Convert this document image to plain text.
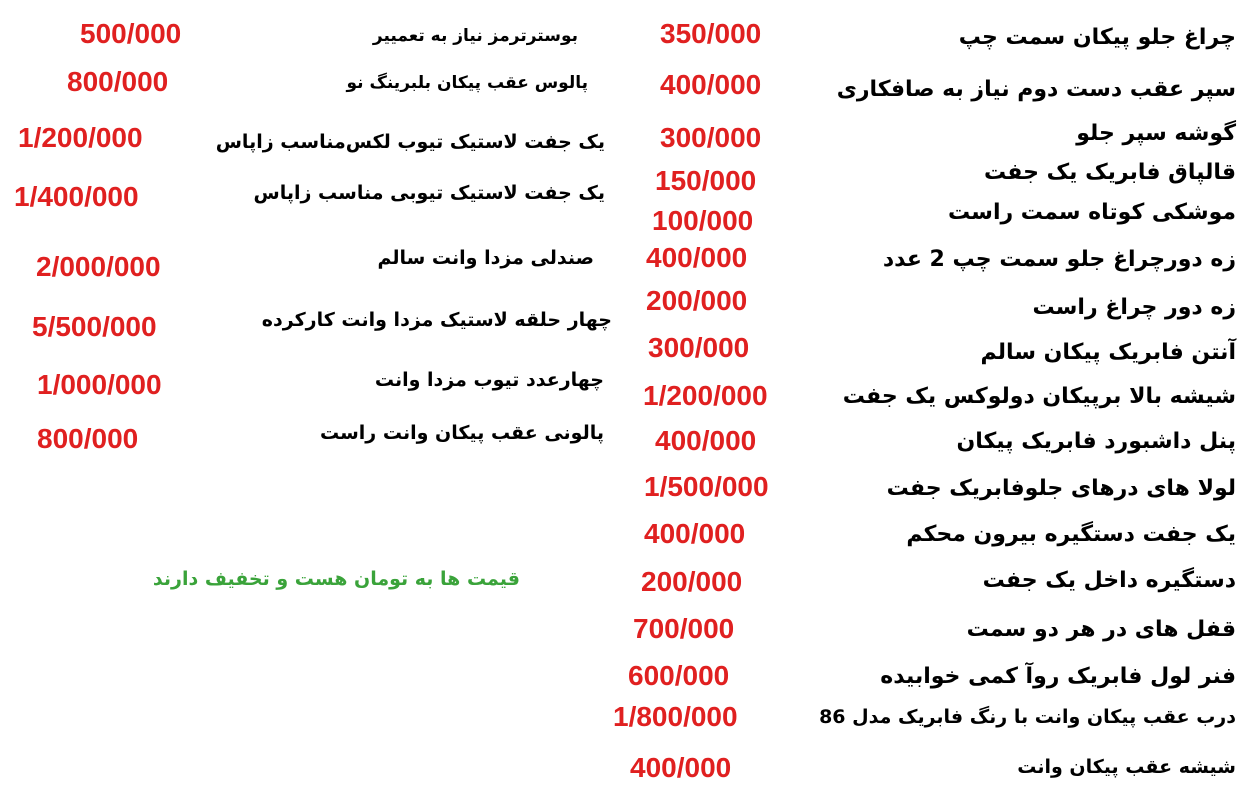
چراغ جلو پیکان سمت چپ
سپر عقب دست دوم نیاز به صافکاری
گوشه سپر جلو
قالپاق فابریک یک جفت
موشکی کوتاه سمت راست
زه دورچراغ جلو سمت چپ 2 عدد
زه دور چراغ راست
آنتن فابریک پیکان سالم
شیشه بالا برپیکان دولوکس یک جفت
پنل داشبورد فابریک پیکان
لولا های درهای جلوفابریک جفت
یک جفت دستگیره بیرون محکم
دستگیره داخل یک جفت
قفل های در هر دو سمت
فنر لول فابریک روآ کمی خوابیده
درب عقب پیکان وانت با رنگ فابریک مدل 86
شیشه عقب پیکان وانت
350/000
400/000
300/000
150/000
100/000
400/000
200/000
300/000
1/200/000
400/000
1/500/000
400/000
200/000
700/000
600/000
1/800/000
400/000
بوسترترمز نیاز به تعمییر
پالوس عقب پیکان بلبرینگ نو
یک جفت لاستیک تیوب لکس‌مناسب زاپاس
یک جفت لاستیک تیوبی مناسب زاپاس
صندلی مزدا وانت سالم
چهار حلقه لاستیک مزدا وانت کارکرده
چهارعدد تیوب مزدا وانت
پالونی عقب پیکان وانت راست
500/000
800/000
1/200/000
1/400/000
2/000/000
5/500/000
1/000/000
800/000
قیمت ها به تومان هست و تخفیف دارند
